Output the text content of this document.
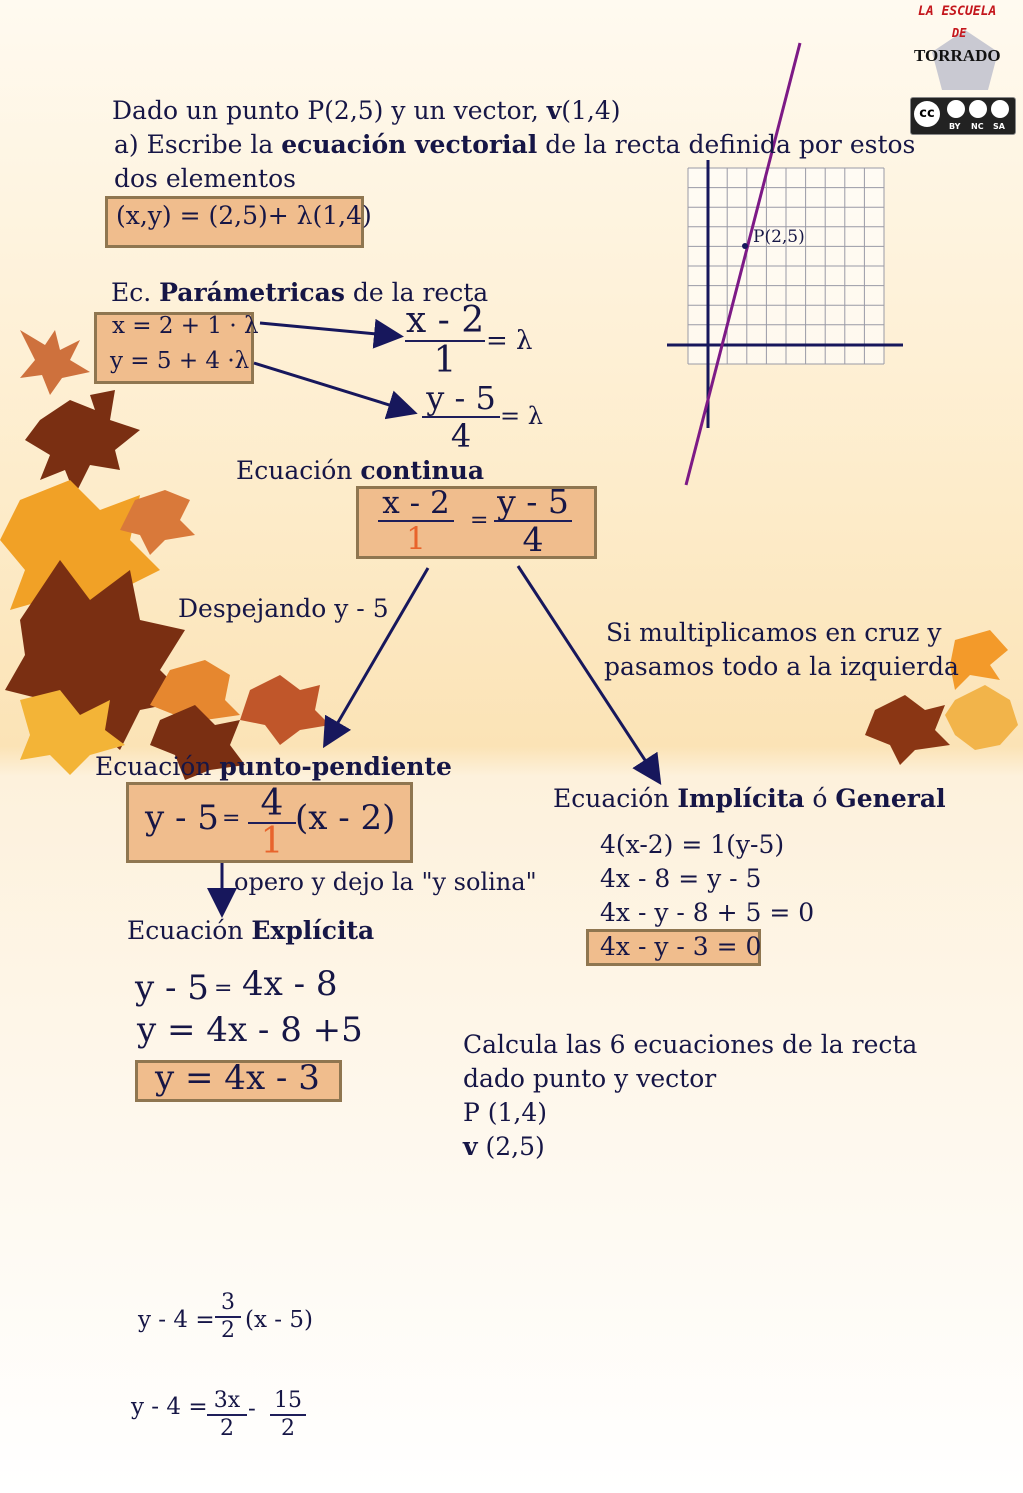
LA ESCUELA
DE
TORRADO
cc
BY NC SA
P(2,5)
Dado un punto P(2,5) y un vector, v(1,4)
a) Escribe la ecuación vectorial de la recta definida por estos
dos elementos
(x,y) = (2,5)+ λ(1,4)
Ec. Parámetricas de la recta
x = 2 + 1 · λ
y = 5 + 4 ·λ
x - 2
1	= λ
y - 5
4
= λ
Ecuación continua
x - 2
1
= y - 5
4
Despejando y - 5
Si multiplicamos en cruz y
pasamos todo a la izquierda
Ecuación punto-pendiente
y - 5 = 4
1
(x - 2)
opero y dejo la "y solina"
Ecuación Implícita ó General
4(x-2) = 1(y-5)
4x - 8 = y - 5
4x - y - 8 + 5 = 0
4x - y - 3 = 0
Ecuación Explícita
y - 5 = 4x - 8
y = 4x - 8 +5
y = 4x - 3
Calcula las 6 ecuaciones de la recta
dado punto y vector
P (1,4)
v (2,5)
y - 4 =
3
2 (x - 5)
y - 4 = 3x
2
- 15
2
